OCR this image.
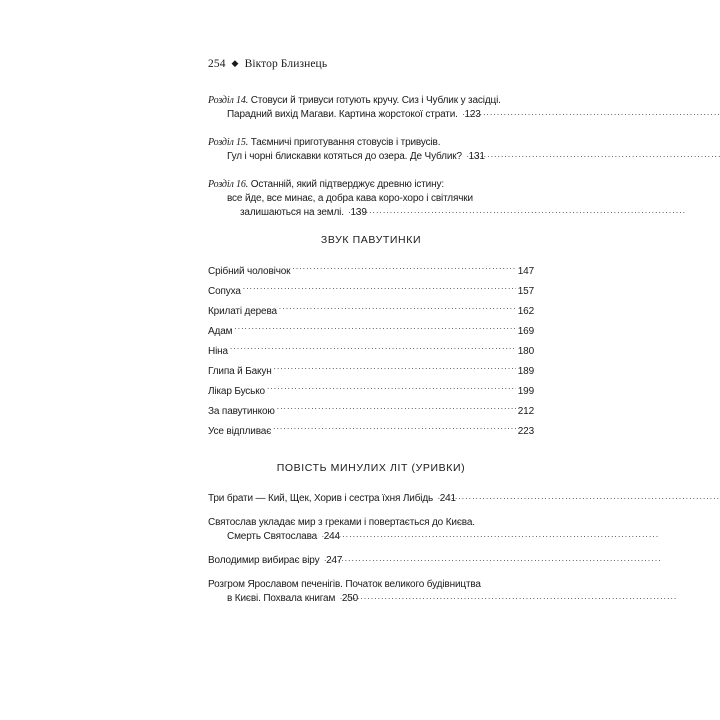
254 ◆ Віктор Близнець
Розділ 14. Стовуси й тривуси готують кручу. Сиз і Чублик у засідці.
Парадний вихід Магави. Картина жорстокої страти. 123
Розділ 15. Таємничі приготування стовусів і тривусів.
Гул і чорні блискавки котяться до озера. Де Чублик? 131
Розділ 16. Останній, який підтверджує древню істину:
все йде, все минає, а добра кава коро-хоро і світлячки
залишаються на землі. 139
ЗВУК ПАВУТИНКИ
Срібний чоловічок . . .	147
Сопуха . . .	157
Крилаті дерева . . .	162
Адам . . .	169
Ніна . . .	180
Глипа й Бакун . . .	189
Лікар Бусько . . .	199
За павутинкою . . .	212
Усе відпливає . . .	223
ПОВІСТЬ МИНУЛИХ ЛІТ (УРИВКИ)
Три брати — Кий, Щек, Хорив і сестра їхня Либідь 241
Святослав укладає мир з греками і повертається до Києва.
Смерть Святослава 244
Володимир вибирає віру 247
Розгром Ярославом печенігів. Початок великого будівництва
в Києві. Похвала книгам 250
